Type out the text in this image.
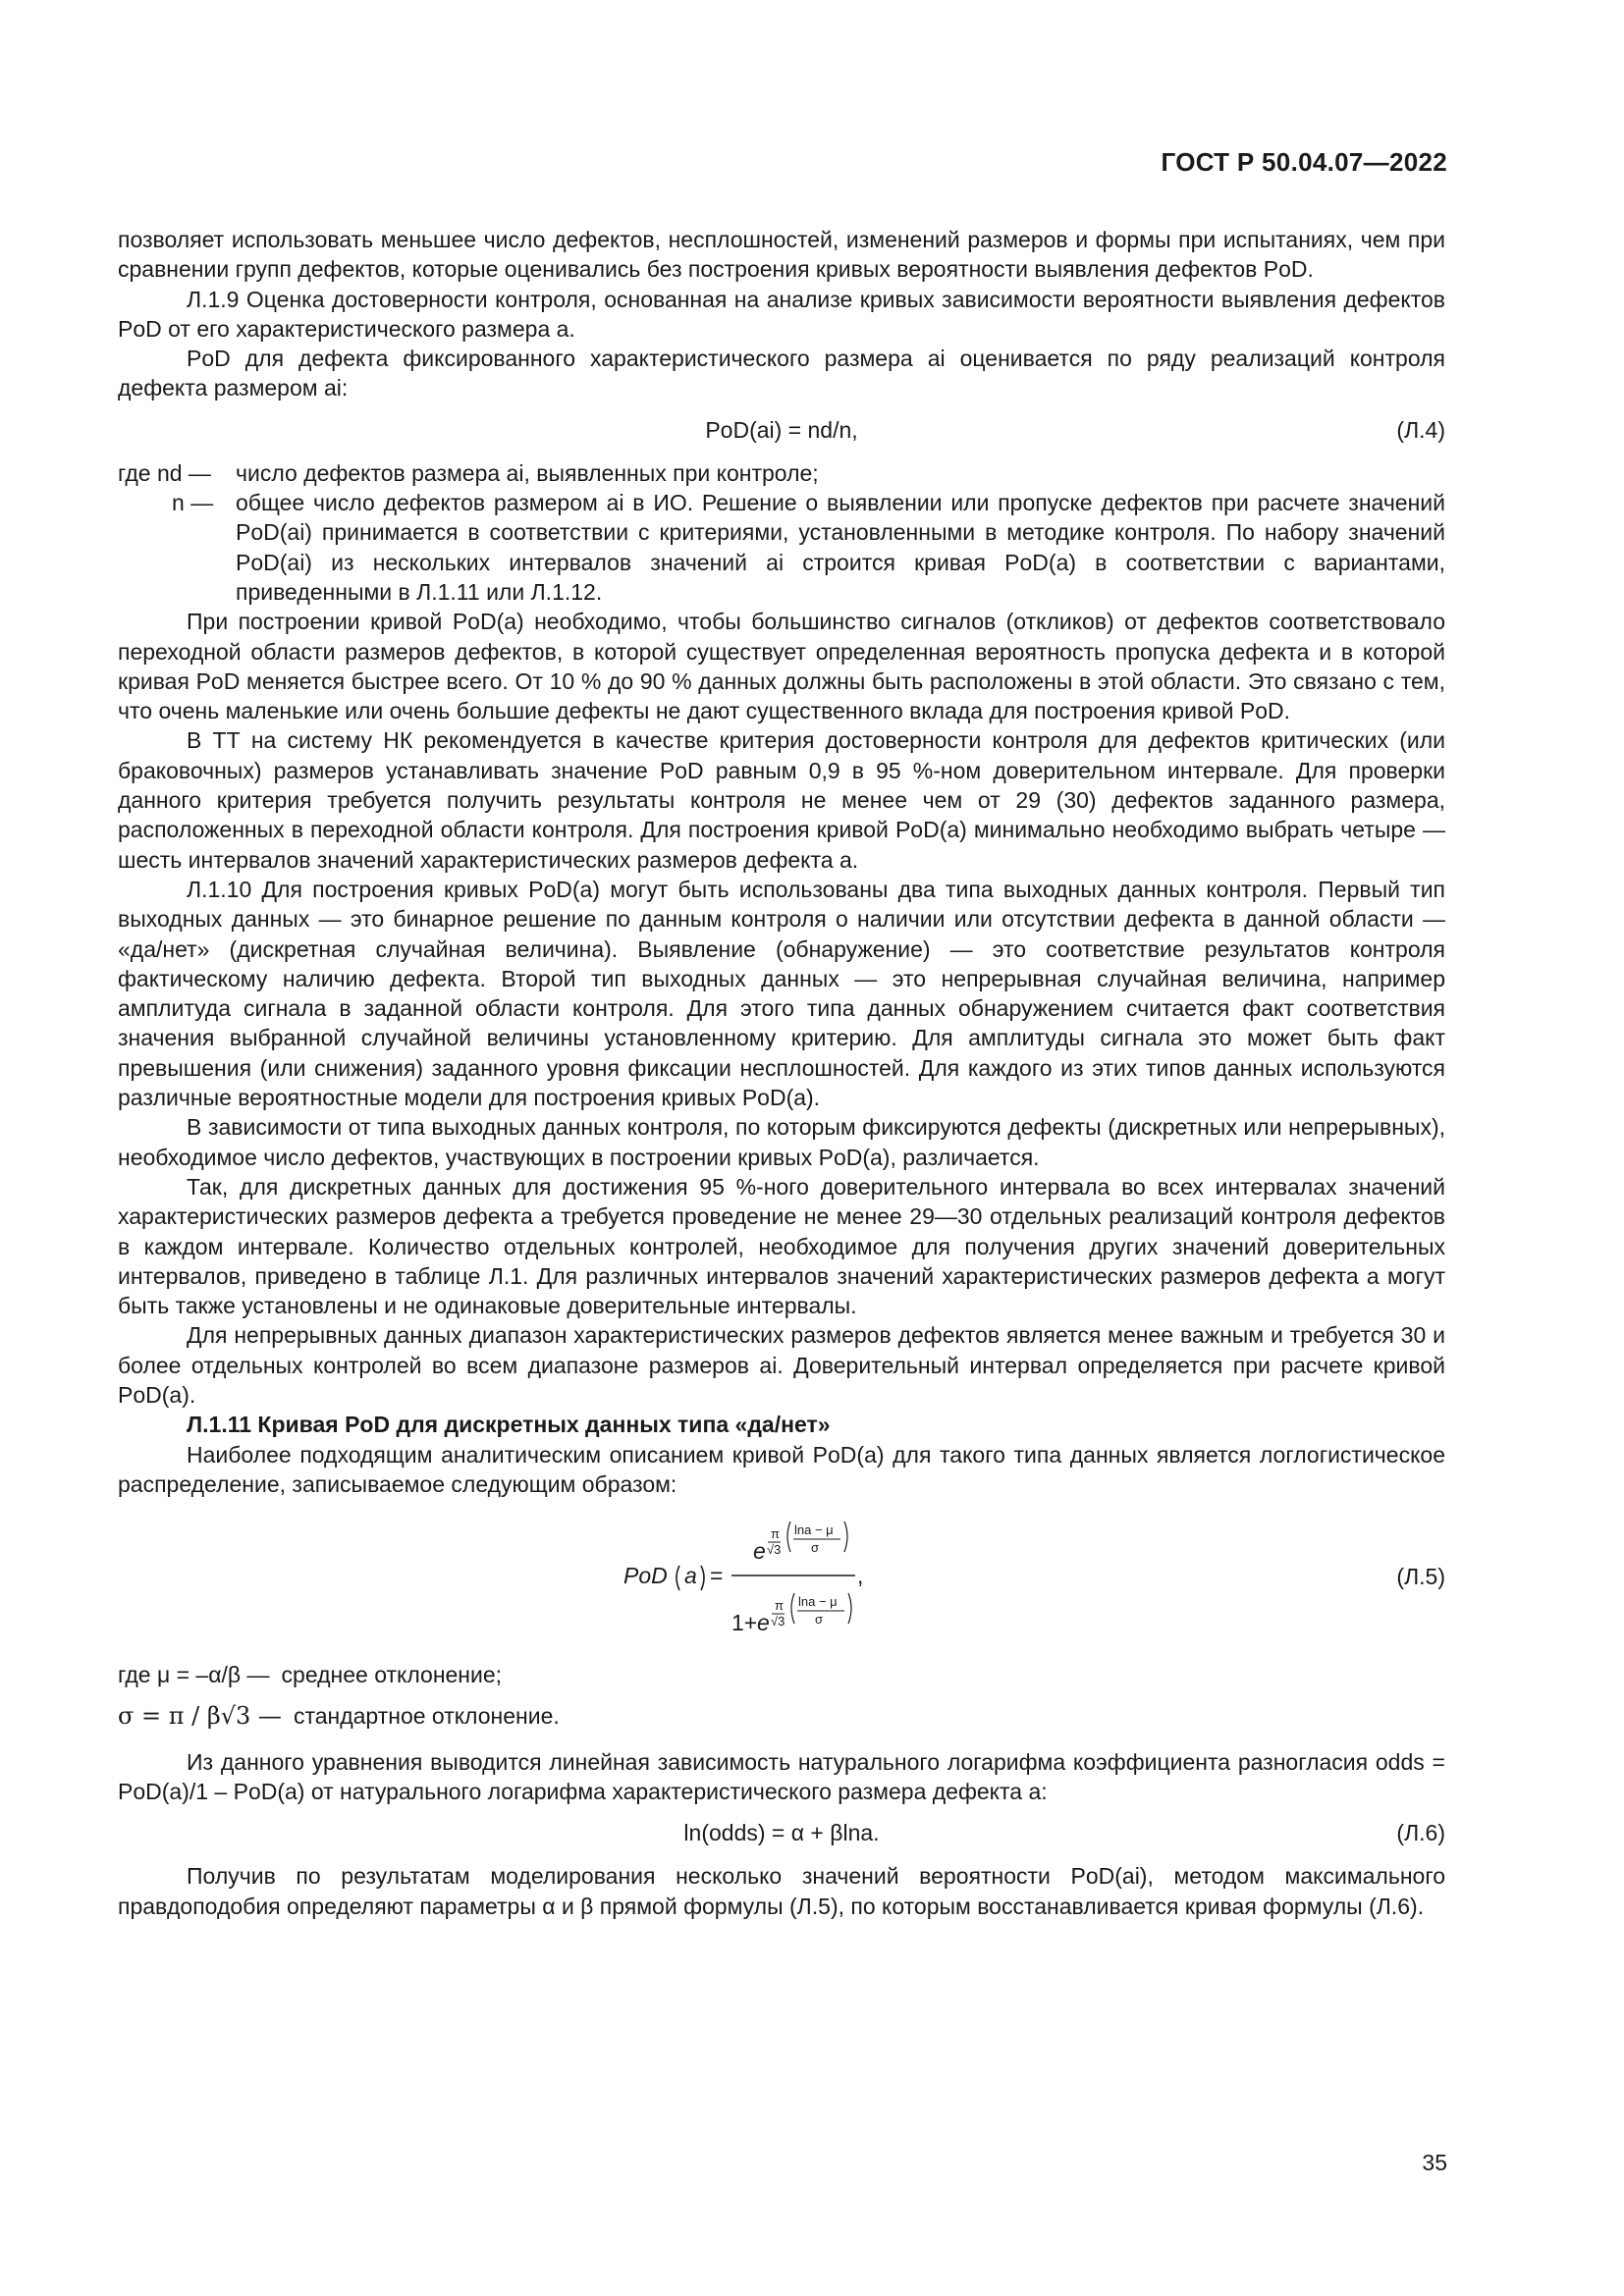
ГОСТ Р 50.04.07—2022

позволяет использовать меньшее число дефектов, несплошностей, изменений размеров и формы при испытаниях, чем при сравнении групп дефектов, которые оценивались без построения кривых вероятности выявления дефектов PoD.

Л.1.9 Оценка достоверности контроля, основанная на анализе кривых зависимости вероятности выявления дефектов PoD от его характеристического размера a.

PoD для дефекта фиксированного характеристического размера ai оценивается по ряду реализаций контроля дефекта размером ai:

PoD(ai) = nd/n,	(Л.4)
где nd —	число дефектов размера ai, выявленных при контроле;
n — общее число дефектов размером ai в ИО. Решение о выявлении или пропуске дефектов при расчете значений PoD(ai) принимается в соответствии с критериями, установленными в методике контроля. По набору значений PoD(ai) из нескольких интервалов значений ai строится кривая PoD(a) в соответствии с вариантами, приведенными в Л.1.11 или Л.1.12.

При построении кривой PoD(a) необходимо, чтобы большинство сигналов (откликов) от дефектов соответствовало переходной области размеров дефектов, в которой существует определенная вероятность пропуска дефекта и в которой кривая PoD меняется быстрее всего. От 10 % до 90 % данных должны быть расположены в этой области. Это связано с тем, что очень маленькие или очень большие дефекты не дают существенного вклада для построения кривой PoD.

В ТТ на систему НК рекомендуется в качестве критерия достоверности контроля для дефектов критических (или браковочных) размеров устанавливать значение PoD равным 0,9 в 95 %-ном доверительном интервале. Для проверки данного критерия требуется получить результаты контроля не менее чем от 29 (30) дефектов заданного размера, расположенных в переходной области контроля. Для построения кривой PoD(a) минимально необходимо выбрать четыре — шесть интервалов значений характеристических размеров дефекта a.

Л.1.10 Для построения кривых PoD(a) могут быть использованы два типа выходных данных контроля. Первый тип выходных данных — это бинарное решение по данным контроля о наличии или отсутствии дефекта в данной области — «да/нет» (дискретная случайная величина). Выявление (обнаружение) — это соответствие результатов контроля фактическому наличию дефекта. Второй тип выходных данных — это непрерывная случайная величина, например амплитуда сигнала в заданной области контроля. Для этого типа данных обнаружением считается факт соответствия значения выбранной случайной величины установленному критерию. Для амплитуды сигнала это может быть факт превышения (или снижения) заданного уровня фиксации несплошностей. Для каждого из этих типов данных используются различные вероятностные модели для построения кривых PoD(a).

В зависимости от типа выходных данных контроля, по которым фиксируются дефекты (дискретных или непрерывных), необходимое число дефектов, участвующих в построении кривых PoD(a), различается.

Так, для дискретных данных для достижения 95 %-ного доверительного интервала во всех интервалах значений характеристических размеров дефекта a требуется проведение не менее 29—30 отдельных реализаций контроля дефектов в каждом интервале. Количество отдельных контролей, необходимое для получения других значений доверительных интервалов, приведено в таблице Л.1. Для различных интервалов значений характеристических размеров дефекта a могут быть также установлены и не одинаковые доверительные интервалы.

Для непрерывных данных диапазон характеристических размеров дефектов является менее важным и требуется 30 и более отдельных контролей во всем диапазоне размеров ai. Доверительный интервал определяется при расчете кривой PoD(a).

Л.1.11 Кривая PoD для дискретных данных типа «да/нет»

Наиболее подходящим аналитическим описанием кривой PoD(a) для такого типа данных является логлогистическое распределение, записываемое следующим образом:

PoD a =
e
π
√3
lna − μ
σ
1+ e
π
√3
lna − μ
σ
,	(Л.5)
где μ = –α/β — среднее отклонение;
σ = π / β√3 — стандартное отклонение.

Из данного уравнения выводится линейная зависимость натурального логарифма коэффициента разногласия odds = PoD(a)/1 – PoD(a) от натурального логарифма характеристического размера дефекта a:

ln(odds) = α + βlna.	(Л.6)

Получив по результатам моделирования несколько значений вероятности PoD(ai), методом максимального правдоподобия определяют параметры α и β прямой формулы (Л.5), по которым восстанавливается кривая формулы (Л.6).

35
